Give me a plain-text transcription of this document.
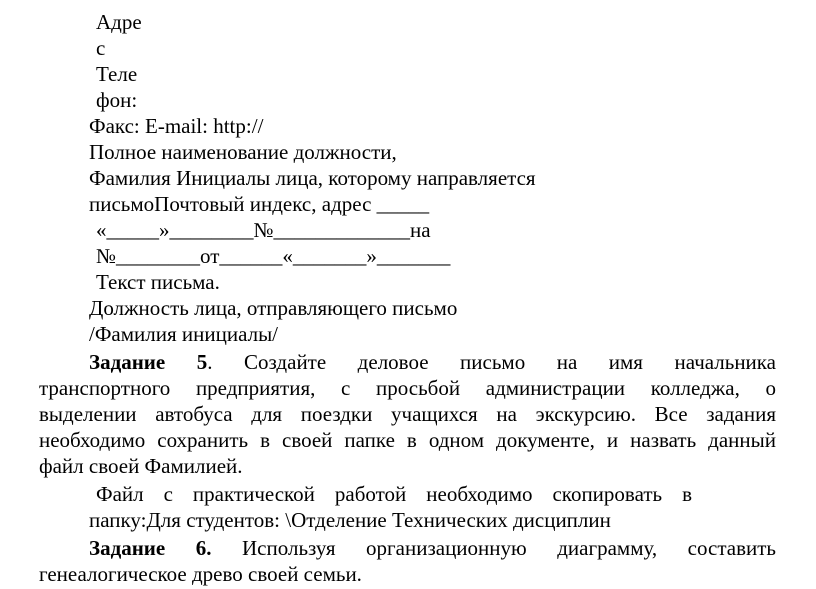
Адре
с
Теле
фон:
Факс: E-mail: http://
Полное наименование должности,
Фамилия Инициалы лица, которому направляется
письмоПочтовый индекс, адрес _____
«_____»________№_____________на
№________от______«_______»_______
Текст письма.
Должность лица, отправляющего письмо
/Фамилия инициалы/
Задание 5. Создайте деловое письмо на имя начальника
транспортного предприятия, с просьбой администрации колледжа, о
выделении автобуса для поездки учащихся на экскурсию. Все задания
необходимо сохранить в своей папке в одном документе, и назвать данный
файл своей Фамилией.
Файл с практической работой необходимо скопировать в
папку:Для студентов: \Отделение Технических дисциплин
Задание 6. Используя организационную диаграмму, составить
генеалогическое древо своей семьи.
